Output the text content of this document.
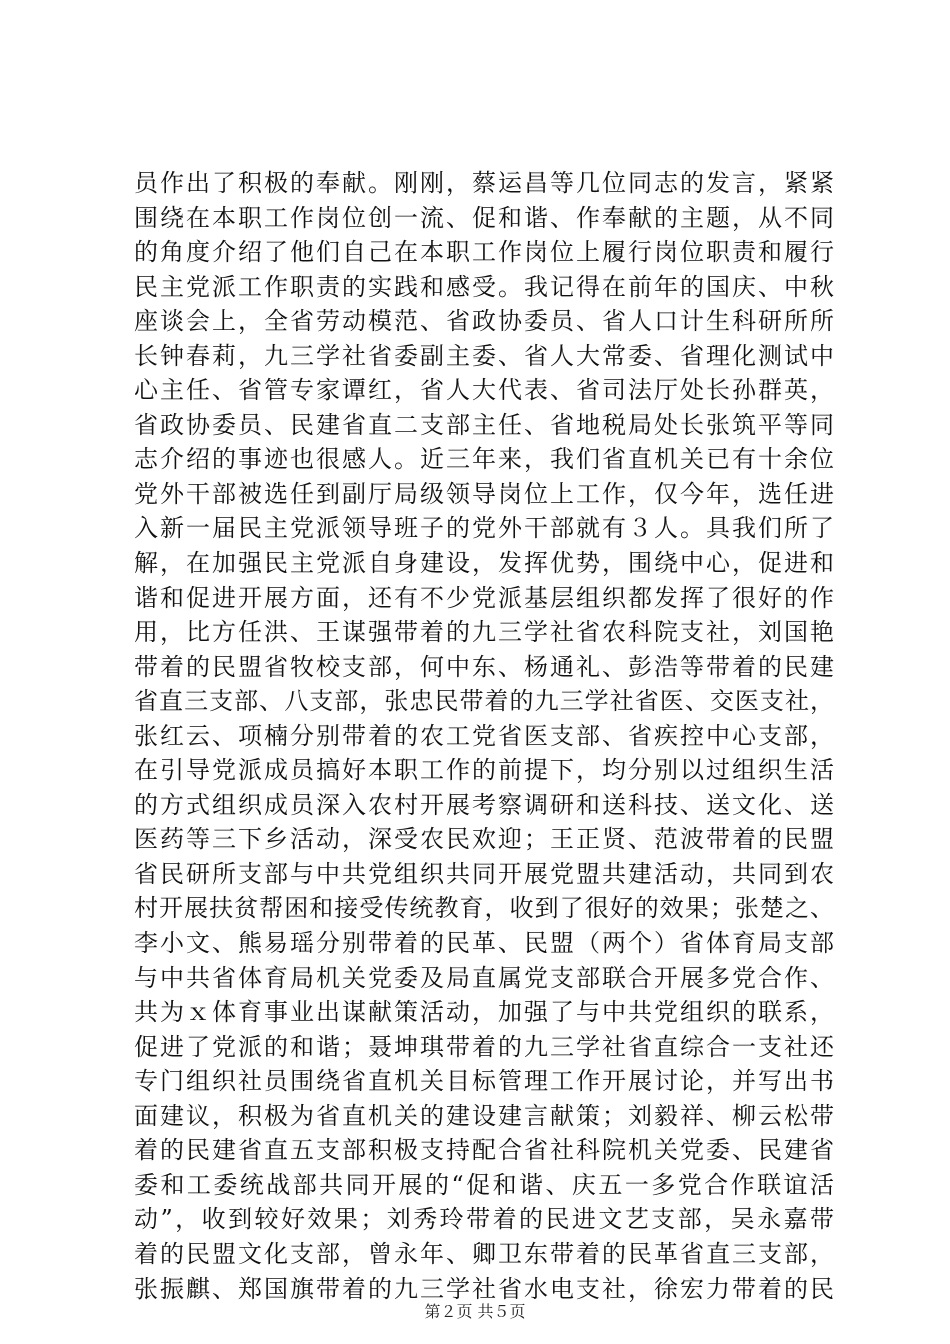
员作出了积极的奉献。刚刚，蔡运昌等几位同志的发言，紧紧
围绕在本职工作岗位创一流、促和谐、作奉献的主题，从不同
的角度介绍了他们自己在本职工作岗位上履行岗位职责和履行
民主党派工作职责的实践和感受。我记得在前年的国庆、中秋
座谈会上，全省劳动模范、省政协委员、省人口计生科研所所
长钟春莉，九三学社省委副主委、省人大常委、省理化测试中
心主任、省管专家谭红，省人大代表、省司法厅处长孙群英，
省政协委员、民建省直二支部主任、省地税局处长张筑平等同
志介绍的事迹也很感人。近三年来，我们省直机关已有十余位
党外干部被选任到副厅局级领导岗位上工作，仅今年，选任进
入新一届民主党派领导班子的党外干部就有３人。具我们所了
解，在加强民主党派自身建设，发挥优势，围绕中心，促进和
谐和促进开展方面，还有不少党派基层组织都发挥了很好的作
用，比方任洪、王谋强带着的九三学社省农科院支社，刘国艳
带着的民盟省牧校支部，何中东、杨通礼、彭浩等带着的民建
省直三支部、八支部，张忠民带着的九三学社省医、交医支社，
张红云、项楠分别带着的农工党省医支部、省疾控中心支部，
在引导党派成员搞好本职工作的前提下，均分别以过组织生活
的方式组织成员深入农村开展考察调研和送科技、送文化、送
医药等三下乡活动，深受农民欢迎；王正贤、范波带着的民盟
省民研所支部与中共党组织共同开展党盟共建活动，共同到农
村开展扶贫帮困和接受传统教育，收到了很好的效果；张楚之、
李小文、熊易瑶分别带着的民革、民盟（两个）省体育局支部
与中共省体育局机关党委及局直属党支部联合开展多党合作、
共为ｘ体育事业出谋献策活动，加强了与中共党组织的联系，
促进了党派的和谐；聂坤琪带着的九三学社省直综合一支社还
专门组织社员围绕省直机关目标管理工作开展讨论，并写出书
面建议，积极为省直机关的建设建言献策；刘毅祥、柳云松带
着的民建省直五支部积极支持配合省社科院机关党委、民建省
委和工委统战部共同开展的“促和谐、庆五一多党合作联谊活
动”，收到较好效果；刘秀玲带着的民进文艺支部，吴永嘉带
着的民盟文化支部，曾永年、卿卫东带着的民革省直三支部，
张振麒、郑国旗带着的九三学社省水电支社，徐宏力带着的民
第２页 共５页
